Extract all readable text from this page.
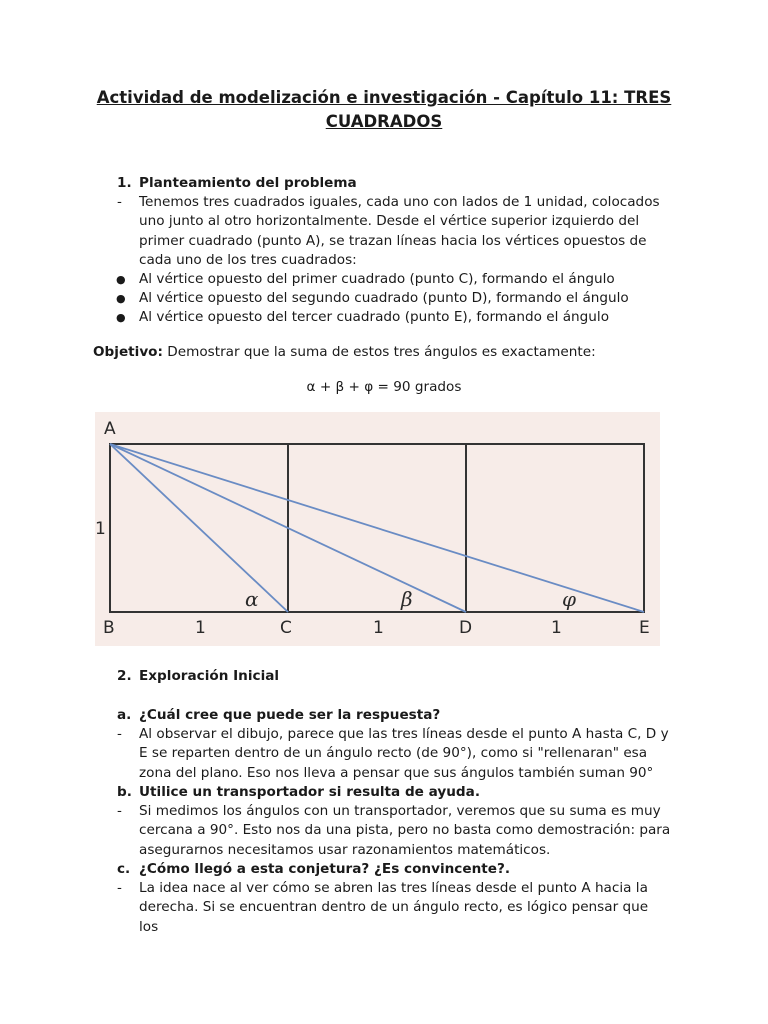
Actividad de modelización e investigación - Capítulo 11: TRES CUADRADOS
1. Planteamiento del problema
- Tenemos tres cuadrados iguales, cada uno con lados de 1 unidad, colocados uno junto al otro horizontalmente. Desde el vértice superior izquierdo del primer cuadrado (punto A), se trazan líneas hacia los vértices opuestos de cada uno de los tres cuadrados:
● Al vértice opuesto del primer cuadrado (punto C), formando el ángulo
● Al vértice opuesto del segundo cuadrado (punto D), formando el ángulo
● Al vértice opuesto del tercer cuadrado (punto E), formando el ángulo
Objetivo: Demostrar que la suma de estos tres ángulos es exactamente:
α + β + φ = 90 grados
A
1
B	1	C	1	D	1	E
α	β	φ
2. Exploración Inicial
a. ¿Cuál cree que puede ser la respuesta?
- Al observar el dibujo, parece que las tres líneas desde el punto A hasta C, D y E se reparten dentro de un ángulo recto (de 90°), como si "rellenaran" esa zona del plano. Eso nos lleva a pensar que sus ángulos también suman 90°
b. Utilice un transportador si resulta de ayuda.
- Si medimos los ángulos con un transportador, veremos que su suma es muy cercana a 90°. Esto nos da una pista, pero no basta como demostración: para asegurarnos necesitamos usar razonamientos matemáticos.
c. ¿Cómo llegó a esta conjetura? ¿Es convincente?.
- La idea nace al ver cómo se abren las tres líneas desde el punto A hacia la derecha. Si se encuentran dentro de un ángulo recto, es lógico pensar que los
